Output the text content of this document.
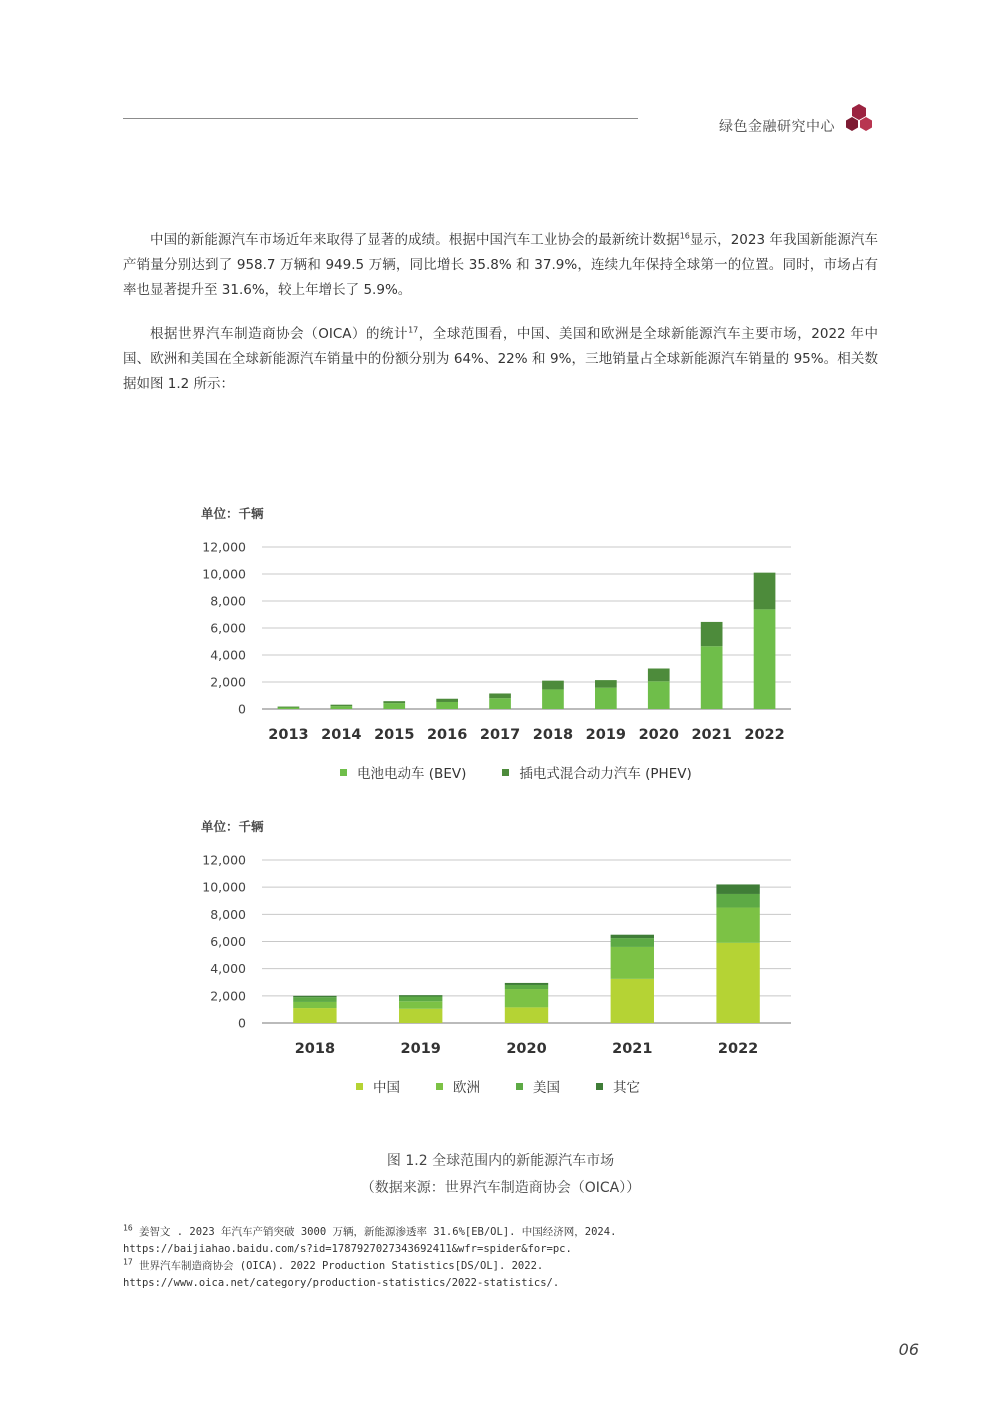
绿色金融研究中心

中国的新能源汽车市场近年来取得了显著的成绩。根据中国汽车工业协会的最新统计数据$^{16}$显示，2023 年我国新能源汽车产销量分别达到了 958.7 万辆和 949.5 万辆，同比增长 35.8% 和 37.9%，连续九年保持全球第一的位置。同时，市场占有率也显著提升至 31.6%，较上年增长了 5.9%。

根据世界汽车制造商协会（OICA）的统计$^{17}$，全球范围看，中国、美国和欧洲是全球新能源汽车主要市场，2022 年中国、欧洲和美国在全球新能源汽车销量中的份额分别为 64%、22% 和 9%，三地销量占全球新能源汽车销量的 95%。相关数据如图 1.2 所示：

单位：千辆
0
2,000
4,000
6,000
8,000
10,000
12,000
2013 2014 2015 2016 2017 2018 2019 2020 2021 2022
电池电动车 (BEV)	插电式混合动力汽车 (PHEV)
单位：千辆
0
2,000
4,000
6,000
8,000
10,000
12,000
2018	2019	2020	2021	2022
中国	欧洲	美国	其它
图 1.2 全球范围内的新能源汽车市场
（数据来源：世界汽车制造商协会（OICA））
$^{16}$ 姜智文 . 2023 年汽车产销突破 3000 万辆，新能源渗透率 31.6%[EB/OL]. 中国经济网，2024.
https://baijiahao.baidu.com/s?id=1787927027343692411&wfr=spider&for=pc.
$^{17}$ 世界汽车制造商协会 (OICA). 2022 Production Statistics[DS/OL]. 2022.
https://www.oica.net/category/production-statistics/2022-statistics/.
06
